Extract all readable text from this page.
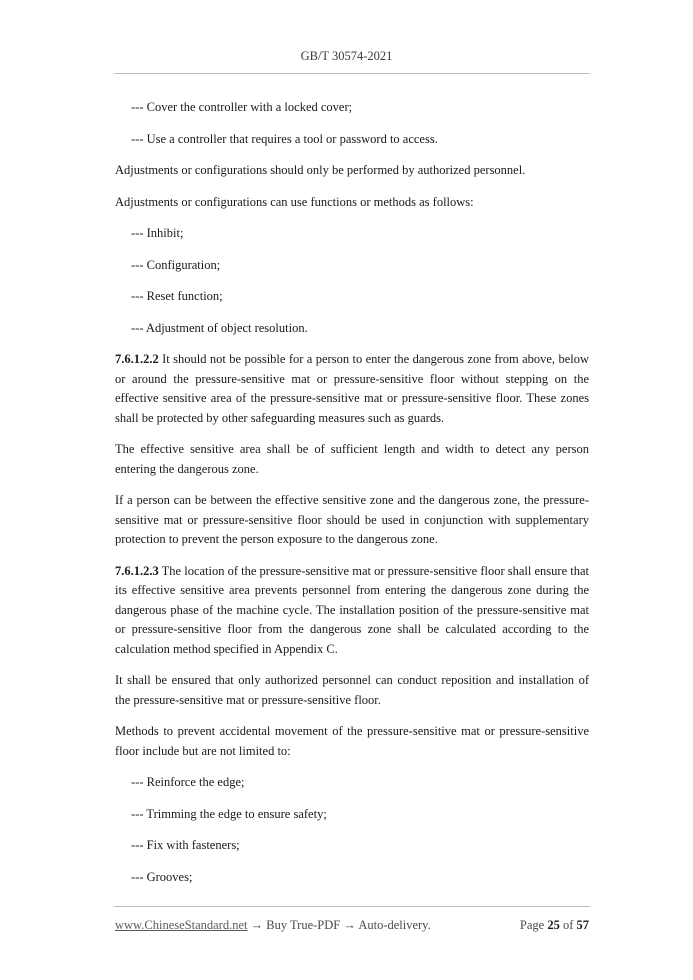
GB/T 30574-2021

--- Cover the controller with a locked cover;

--- Use a controller that requires a tool or password to access.

Adjustments or configurations should only be performed by authorized personnel.

Adjustments or configurations can use functions or methods as follows:

--- Inhibit;

--- Configuration;

--- Reset function;

--- Adjustment of object resolution.

7.6.1.2.2 It should not be possible for a person to enter the dangerous zone from above, below or around the pressure-sensitive mat or pressure-sensitive floor without stepping on the effective sensitive area of the pressure-sensitive mat or pressure-sensitive floor. These zones shall be protected by other safeguarding measures such as guards.

The effective sensitive area shall be of sufficient length and width to detect any person entering the dangerous zone.

If a person can be between the effective sensitive zone and the dangerous zone, the pressure-sensitive mat or pressure-sensitive floor should be used in conjunction with supplementary protection to prevent the person exposure to the dangerous zone.

7.6.1.2.3 The location of the pressure-sensitive mat or pressure-sensitive floor shall ensure that its effective sensitive area prevents personnel from entering the dangerous zone during the dangerous phase of the machine cycle. The installation position of the pressure-sensitive mat or pressure-sensitive floor from the dangerous zone shall be calculated according to the calculation method specified in Appendix C.

It shall be ensured that only authorized personnel can conduct reposition and installation of the pressure-sensitive mat or pressure-sensitive floor.

Methods to prevent accidental movement of the pressure-sensitive mat or pressure-sensitive floor include but are not limited to:

--- Reinforce the edge;

--- Trimming the edge to ensure safety;

--- Fix with fasteners;

--- Grooves;

www.ChineseStandard.net → Buy True-PDF → Auto-delivery.	Page 25 of 57
